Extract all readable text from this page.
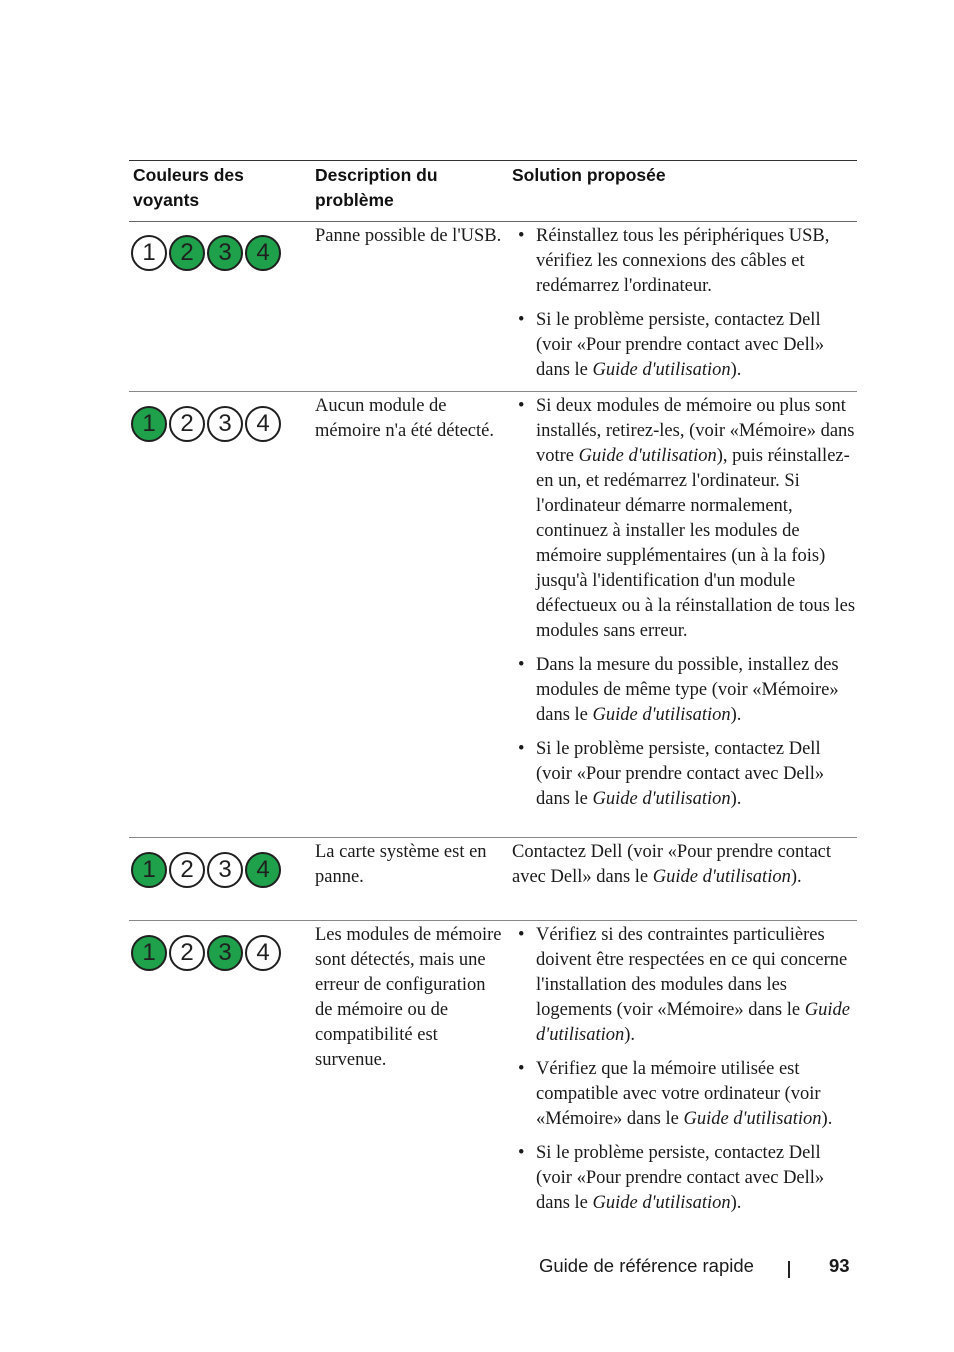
Couleurs des voyants
Description du problème
Solution proposée
1	2	3	4
Panne possible de l'USB.
•	Réinstallez tous les périphériques USB, vérifiez les connexions des câbles et redémarrez l'ordinateur.
• Si le problème persiste, contactez Dell (voir «Pour prendre contact avec Dell» dans le Guide d'utilisation).
1	2	3	4
Aucun module de mémoire n'a été détecté.
• Si deux modules de mémoire ou plus sont installés, retirez-les, (voir «Mémoire» dans votre Guide d'utilisation), puis réinstallez-en un, et redémarrez l'ordinateur. Si l'ordinateur démarre normalement, continuez à installer les modules de mémoire supplémentaires (un à la fois) jusqu'à l'identification d'un module défectueux ou à la réinstallation de tous les modules sans erreur.
• Dans la mesure du possible, installez des modules de même type (voir «Mémoire» dans le Guide d'utilisation).
• Si le problème persiste, contactez Dell (voir «Pour prendre contact avec Dell» dans le Guide d'utilisation).
1	2	3	4
La carte système est en panne.

Contactez Dell (voir «Pour prendre contact avec Dell» dans le Guide d'utilisation).

1	2	3	4
Les modules de mémoire sont détectés, mais une erreur de configuration de mémoire ou de compatibilité est survenue.
• Vérifiez si des contraintes particulières doivent être respectées en ce qui concerne l'installation des modules dans les logements (voir «Mémoire» dans le Guide d'utilisation).
• Vérifiez que la mémoire utilisée est compatible avec votre ordinateur (voir «Mémoire» dans le Guide d'utilisation).
• Si le problème persiste, contactez Dell (voir «Pour prendre contact avec Dell» dans le Guide d'utilisation).
Guide de référence rapide	93
